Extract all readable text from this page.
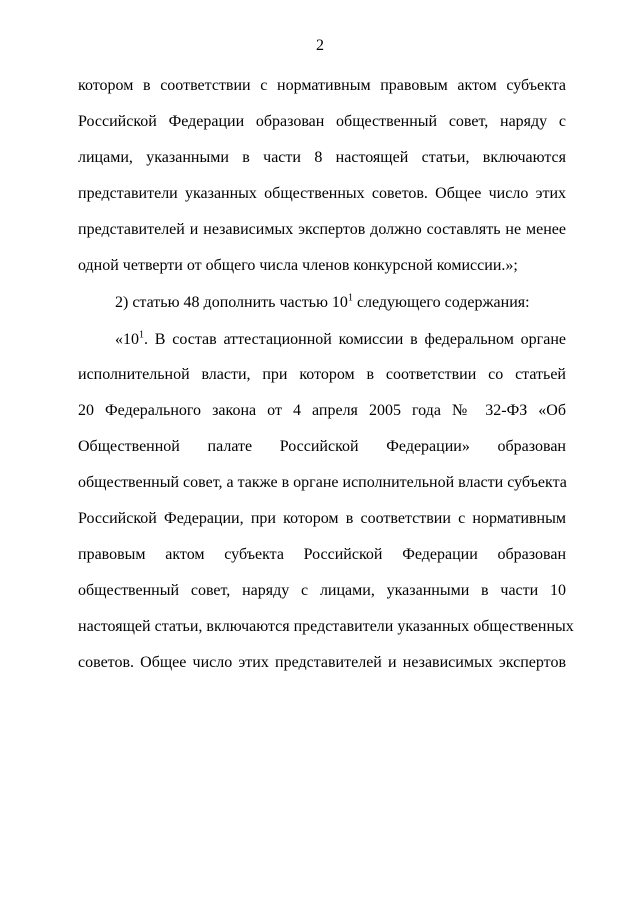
2
котором в соответствии с нормативным правовым актом субъекта
Российской Федерации образован общественный совет, наряду с
лицами, указанными в части 8 настоящей статьи, включаются
представители указанных общественных советов. Общее число этих
представителей и независимых экспертов должно составлять не менее
одной четверти от общего числа членов конкурсной комиссии.»;
2) статью 48 дополнить частью $10^1$ следующего содержания:
«$10^1$. В состав аттестационной комиссии в федеральном органе
исполнительной власти, при котором в соответствии со статьей
20 Федерального закона от 4 апреля 2005 года № 32-ФЗ «Об
Общественной палате Российской Федерации» образован
общественный совет, а также в органе исполнительной власти субъекта
Российской Федерации, при котором в соответствии с нормативным
правовым актом субъекта Российской Федерации образован
общественный совет, наряду с лицами, указанными в части 10
настоящей статьи, включаются представители указанных общественных
советов. Общее число этих представителей и независимых экспертов
